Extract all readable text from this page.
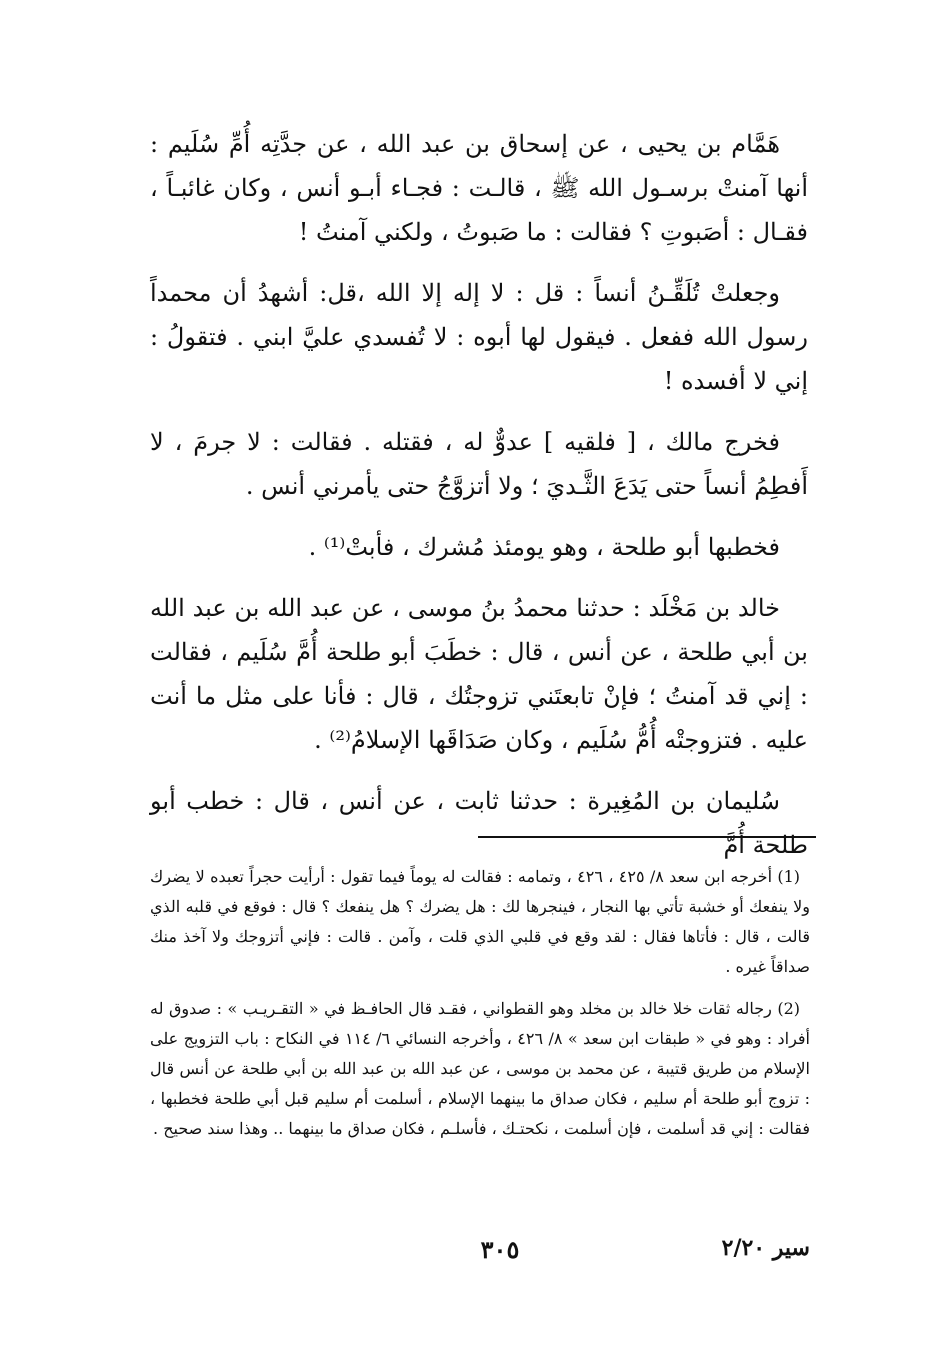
هَمَّام بن يحيى ، عن إسحاق بن عبد الله ، عن جدَّتِه أُمِّ سُلَيم : أنها آمنتْ برسـول الله ﷺ ، قالـت : فجـاء أبـو أنس ، وكان غائبـاً ، فقـال : أصَبوتِ ؟ فقالت : ما صَبوتُ ، ولكني آمنتُ !

وجعلتْ تُلَقِّـنُ أنساً : قل : لا إله إلا الله ،قل: أشهدُ أن محمداً رسول الله ففعل . فيقول لها أبوه : لا تُفسدي عليَّ ابني . فتقولُ : إني لا أفسده !

فخرج مالك ، [ فلقيه ] عدوٌّ له ، فقتله . فقالت : لا جرمَ ، لا أَفطِمُ أنساً حتى يَدَعَ الثَّـديَ ؛ ولا أتزوَّجُ حتى يأمرني أنس .

فخطبها أبو طلحة ، وهو يومئذ مُشرك ، فأبتْ⁽¹⁾ .

خالد بن مَخْلَد : حدثنا محمدُ بنُ موسى ، عن عبد الله بن عبد الله بن أبي طلحة ، عن أنس ، قال : خطَبَ أبو طلحة أُمَّ سُلَيم ، فقالت : إني قد آمنتُ ؛ فإنْ تابعتَني تزوجتُك ، قال : فأنا على مثل ما أنت عليه . فتزوجتْه أُمُّ سُلَيم ، وكان صَدَاقَها الإسلامُ⁽²⁾ .

سُليمان بن المُغِيرة : حدثنا ثابت ، عن أنس ، قال : خطب أبو طلحة أُمَّ

(1) أخرجه ابن سعد ٨/ ٤٢٥ ، ٤٢٦ ، وتمامه : فقالت له يوماً فيما تقول : أرأيت حجراً تعبده لا يضرك ولا ينفعك أو خشبة تأتي بها النجار ، فينجرها لك : هل يضرك ؟ هل ينفعك ؟ قال : فوقع في قلبه الذي قالت ، قال : فأتاها فقال : لقد وقع في قلبي الذي قلت ، وآمن . قالت : فإني أتزوجك ولا آخذ منك صداقاً غيره .

(2) رجاله ثقات خلا خالد بن مخلد وهو القطواني ، فقـد قال الحافـظ في « التقـريـب » : صدوق له أفراد : وهو في « طبقات ابن سعد » ٨/ ٤٢٦ ، وأخرجه النسائي ٦/ ١١٤ في النكاح : باب التزويج على الإسلام من طريق قتيبة ، عن محمد بن موسى ، عن عبد الله بن عبد الله بن أبي طلحة عن أنس قال : تزوج أبو طلحة أم سليم ، فكان صداق ما بينهما الإسلام ، أسلمت أم سليم قبل أبي طلحة فخطبها ، فقالت : إني قد أسلمت ، فإن أسلمت ، نكحتـك ، فأسلـم ، فكان صداق ما بينهما .. وهذا سند صحيح .

٣٠٥	سير ٢/٢٠
